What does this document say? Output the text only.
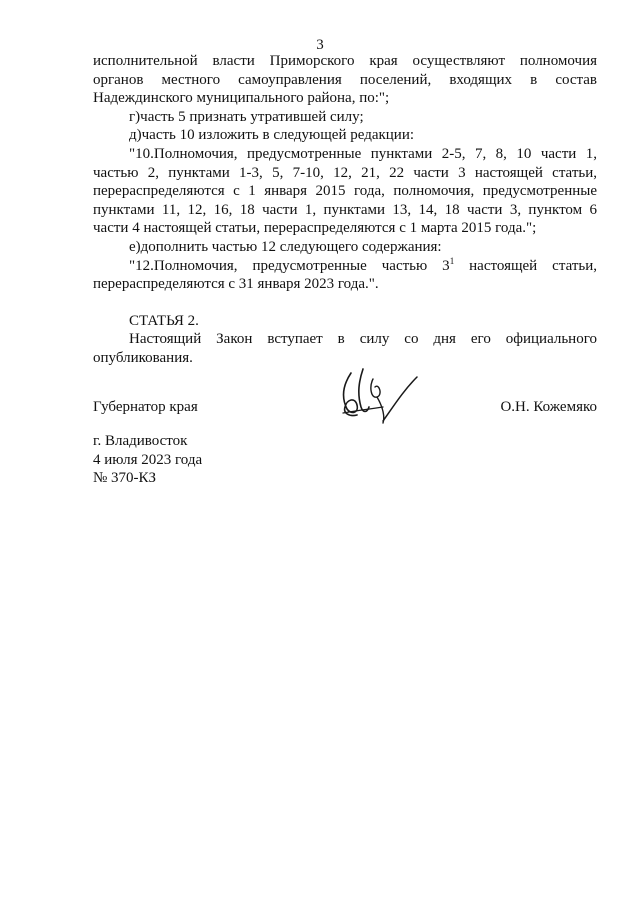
3

исполнительной власти Приморского края осуществляют полномочия

органов местного самоуправления поселений, входящих в состав

Надеждинского муниципального района, по:";

г)часть 5 признать утратившей силу;

д)часть 10 изложить в следующей редакции:

"10.Полномочия, предусмотренные пунктами 2-5, 7, 8, 10 части 1,

частью 2, пунктами 1-3, 5, 7-10, 12, 21, 22 части 3 настоящей статьи,

перераспределяются с 1 января 2015 года, полномочия, предусмотренные

пунктами 11, 12, 16, 18 части 1, пунктами 13, 14, 18 части 3, пунктом 6

части 4 настоящей статьи, перераспределяются с 1 марта 2015 года.";

е)дополнить частью 12 следующего содержания:

"12.Полномочия, предусмотренные частью $3^1$ настоящей статьи,

перераспределяются с 31 января 2023 года.".

СТАТЬЯ 2.

Настоящий Закон вступает в силу со дня его официального

опубликования.

Губернатор края	О.Н. Кожемяко
г. Владивосток
4 июля 2023 года
№ 370-КЗ
